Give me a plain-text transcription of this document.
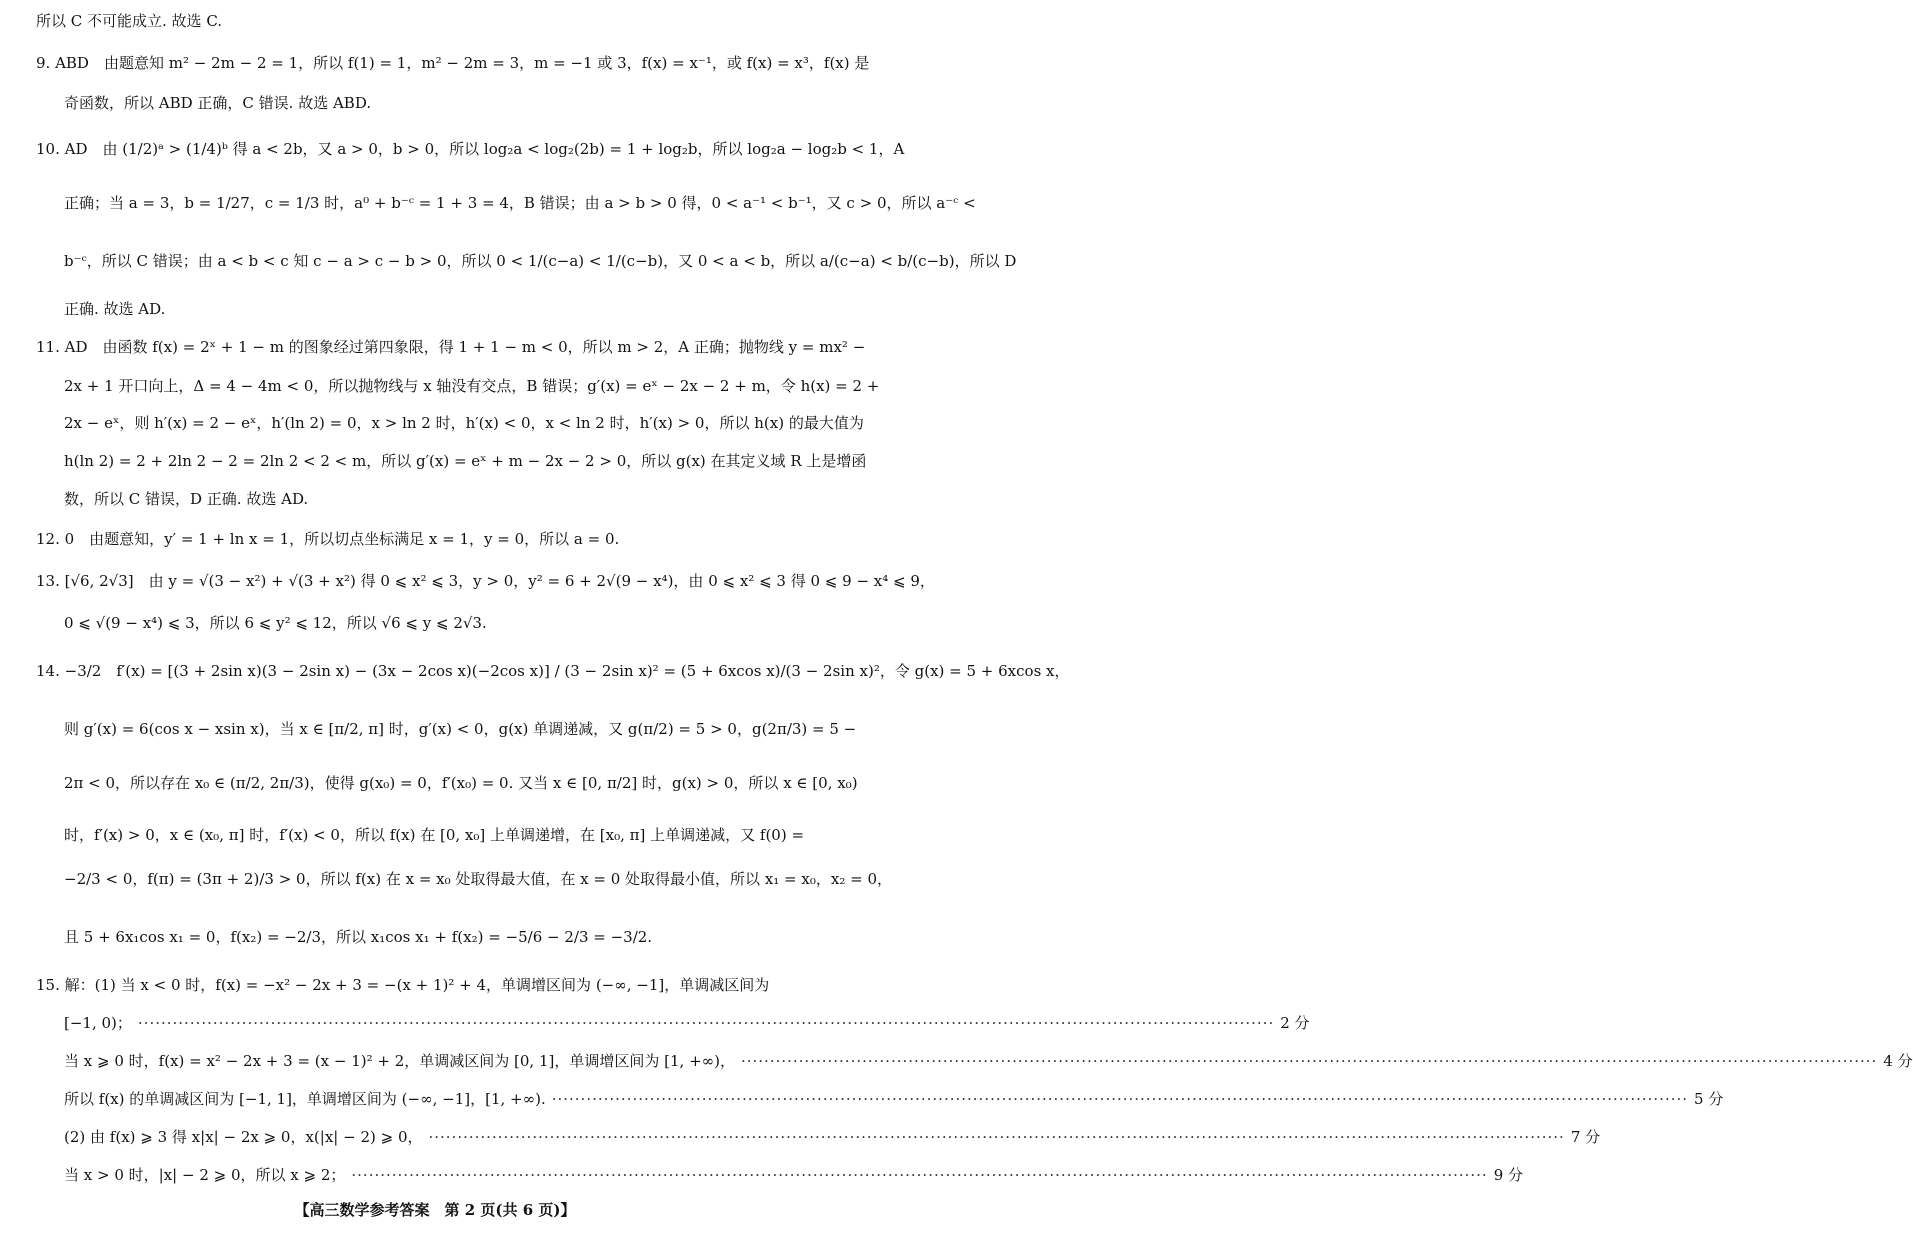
所以 C 不可能成立. 故选 C.
9. ABD　由题意知 m² − 2m − 2 = 1，所以 f(1) = 1，m² − 2m = 3，m = −1 或 3，f(x) = x⁻¹，或 f(x) = x³，f(x) 是
奇函数，所以 ABD 正确，C 错误. 故选 ABD.
10. AD　由 (1/2)ᵃ > (1/4)ᵇ 得 a < 2b，又 a > 0，b > 0，所以 log₂a < log₂(2b) = 1 + log₂b，所以 log₂a − log₂b < 1，A
正确；当 a = 3，b = 1/27，c = 1/3 时，a⁰ + b⁻ᶜ = 1 + 3 = 4，B 错误；由 a > b > 0 得，0 < a⁻¹ < b⁻¹，又 c > 0，所以 a⁻ᶜ <
b⁻ᶜ，所以 C 错误；由 a < b < c 知 c − a > c − b > 0，所以 0 < 1/(c−a) < 1/(c−b)，又 0 < a < b，所以 a/(c−a) < b/(c−b)，所以 D
正确. 故选 AD.
11. AD　由函数 f(x) = 2ˣ + 1 − m 的图象经过第四象限，得 1 + 1 − m < 0，所以 m > 2，A 正确；抛物线 y = mx² −
2x + 1 开口向上，Δ = 4 − 4m < 0，所以抛物线与 x 轴没有交点，B 错误；g′(x) = eˣ − 2x − 2 + m，令 h(x) = 2 +
2x − eˣ，则 h′(x) = 2 − eˣ，h′(ln 2) = 0，x > ln 2 时，h′(x) < 0，x < ln 2 时，h′(x) > 0，所以 h(x) 的最大值为
h(ln 2) = 2 + 2ln 2 − 2 = 2ln 2 < 2 < m，所以 g′(x) = eˣ + m − 2x − 2 > 0，所以 g(x) 在其定义域 R 上是增函
数，所以 C 错误，D 正确. 故选 AD.
12. 0　由题意知，y′ = 1 + ln x = 1，所以切点坐标满足 x = 1，y = 0，所以 a = 0.
13. [√6, 2√3]　由 y = √(3 − x²) + √(3 + x²) 得 0 ⩽ x² ⩽ 3，y > 0，y² = 6 + 2√(9 − x⁴)，由 0 ⩽ x² ⩽ 3 得 0 ⩽ 9 − x⁴ ⩽ 9，
0 ⩽ √(9 − x⁴) ⩽ 3，所以 6 ⩽ y² ⩽ 12，所以 √6 ⩽ y ⩽ 2√3.
14. −3/2　f′(x) = [(3 + 2sin x)(3 − 2sin x) − (3x − 2cos x)(−2cos x)] / (3 − 2sin x)² = (5 + 6xcos x)/(3 − 2sin x)²，令 g(x) = 5 + 6xcos x，
则 g′(x) = 6(cos x − xsin x)，当 x ∈ [π/2, π] 时，g′(x) < 0，g(x) 单调递减，又 g(π/2) = 5 > 0，g(2π/3) = 5 −
2π < 0，所以存在 x₀ ∈ (π/2, 2π/3)，使得 g(x₀) = 0，f′(x₀) = 0. 又当 x ∈ [0, π/2] 时，g(x) > 0，所以 x ∈ [0, x₀)
时，f′(x) > 0，x ∈ (x₀, π] 时，f′(x) < 0，所以 f(x) 在 [0, x₀] 上单调递增，在 [x₀, π] 上单调递减，又 f(0) =
−2/3 < 0，f(π) = (3π + 2)/3 > 0，所以 f(x) 在 x = x₀ 处取得最大值，在 x = 0 处取得最小值，所以 x₁ = x₀，x₂ = 0，
且 5 + 6x₁cos x₁ = 0，f(x₂) = −2/3，所以 x₁cos x₁ + f(x₂) = −5/6 − 2/3 = −3/2.
15. 解：(1) 当 x < 0 时，f(x) = −x² − 2x + 3 = −(x + 1)² + 4，单调增区间为 (−∞, −1]，单调减区间为
[−1, 0)； ·····	2 分
当 x ⩾ 0 时，f(x) = x² − 2x + 3 = (x − 1)² + 2，单调减区间为 [0, 1]，单调增区间为 [1, +∞)， ·····	4 分
所以 f(x) 的单调减区间为 [−1, 1]，单调增区间为 (−∞, −1]，[1, +∞). ·····	5 分
(2) 由 f(x) ⩾ 3 得 x|x| − 2x ⩾ 0，x(|x| − 2) ⩾ 0， ·····	7 分
当 x > 0 时，|x| − 2 ⩾ 0，所以 x ⩾ 2； ·····	9 分
【高三数学参考答案　第 2 页(共 6 页)】
